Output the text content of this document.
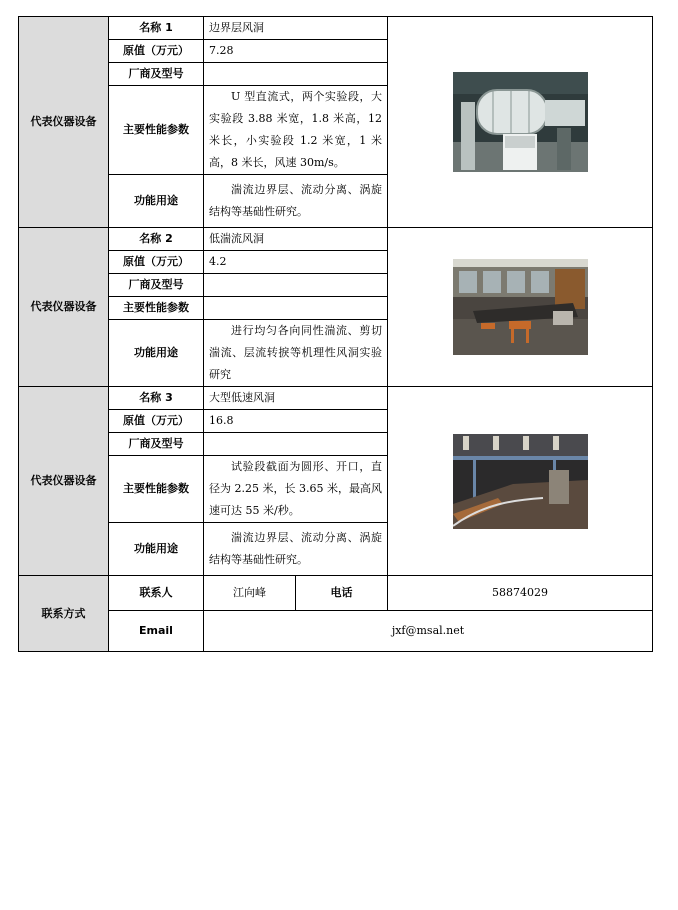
代表仪器设备	名称 1	边界层风洞	
	原值（万元）	7.28		
	厂商及型号			
	主要性能参数	U 型直流式，两个实验段，大实验段 3.88 米宽，1.8 米高，12 米长，小实验段 1.2 米宽，1 米高，8 米长，风速 30m/s。		
	功能用途	湍流边界层、流动分离、涡旋结构等基础性研究。		
代表仪器设备	名称 2	低湍流风洞	
	原值（万元）	4.2		
	厂商及型号			
	主要性能参数			
	功能用途	进行均匀各向同性湍流、剪切湍流、层流转捩等机理性风洞实验研究		
代表仪器设备	名称 3	大型低速风洞	
	原值（万元）	16.8		
	厂商及型号			
	主要性能参数	试验段截面为圆形、开口，直径为 2.25 米，长 3.65 米，最高风速可达 55 米/秒。		
	功能用途	湍流边界层、流动分离、涡旋结构等基础性研究。		
联系方式	联系人	江向峰	电话	58874029
	Email	jxf@msal.net		
